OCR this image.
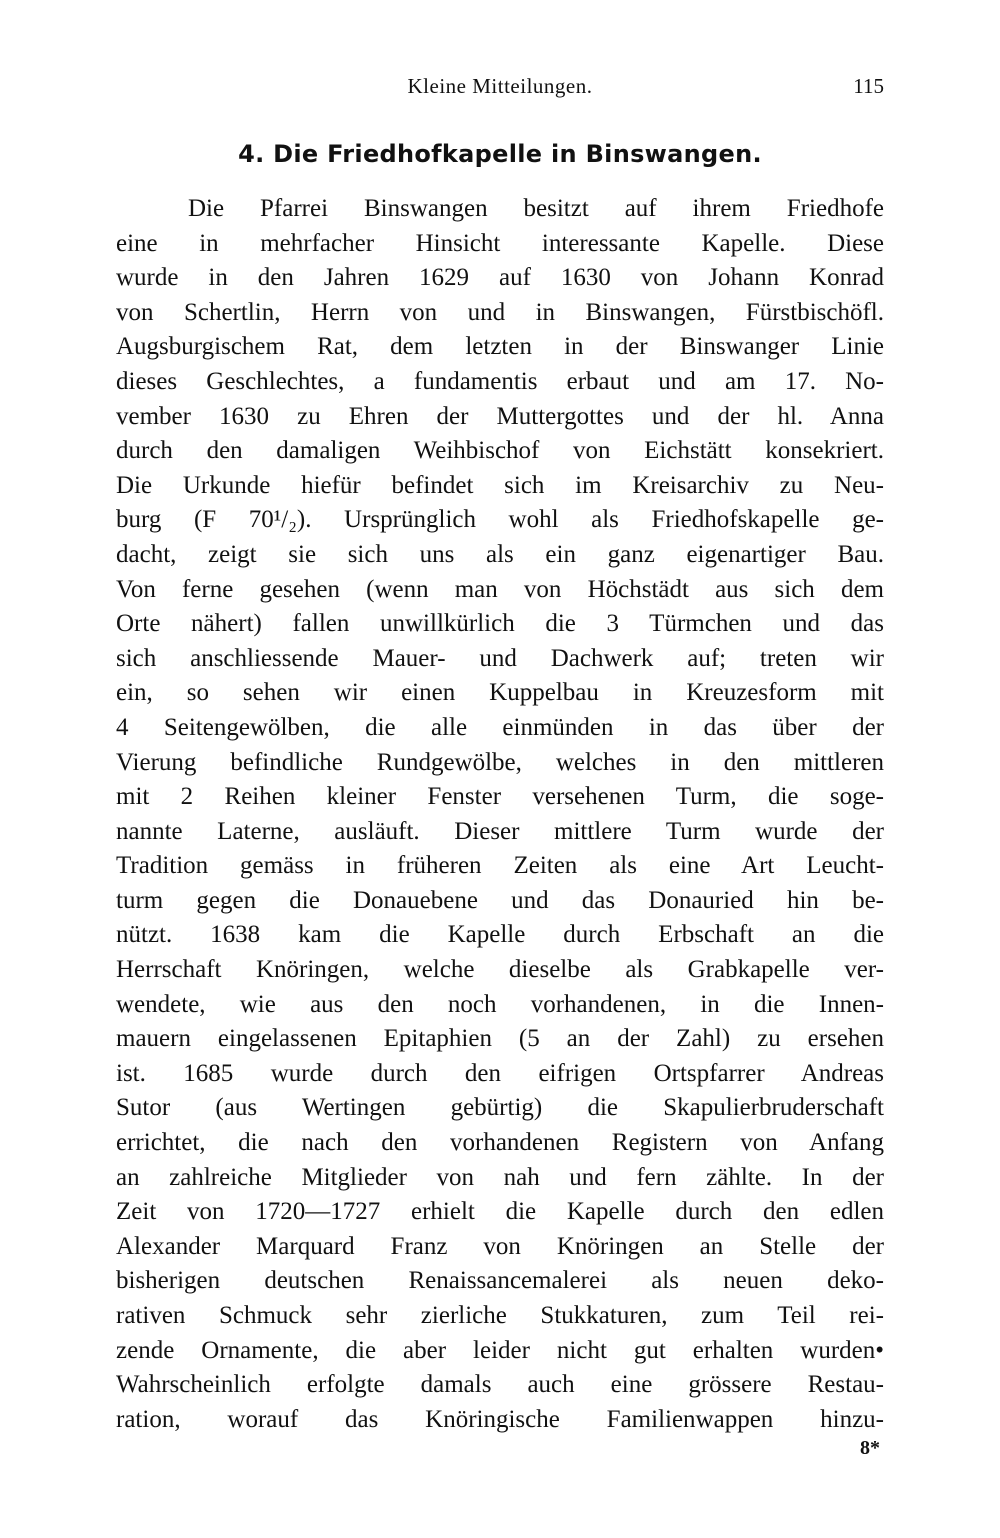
Kleine Mitteilungen.	115
4. Die Friedhofkapelle in Binswangen.
Die Pfarrei Binswangen besitzt auf ihrem Friedhofe
eine in mehrfacher Hinsicht interessante Kapelle. Diese
wurde in den Jahren 1629 auf 1630 von Johann Konrad
von Schertlin, Herrn von und in Binswangen, Fürstbischöfl.
Augsburgischem Rat, dem letzten in der Binswanger Linie
dieses Geschlechtes, a fundamentis erbaut und am 17. No-
vember 1630 zu Ehren der Muttergottes und der hl. Anna
durch den damaligen Weihbischof von Eichstätt konsekriert.
Die Urkunde hiefür befindet sich im Kreisarchiv zu Neu-
burg (F 70¹/₂). Ursprünglich wohl als Friedhofskapelle ge-
dacht, zeigt sie sich uns als ein ganz eigenartiger Bau.
Von ferne gesehen (wenn man von Höchstädt aus sich dem
Orte nähert) fallen unwillkürlich die 3 Türmchen und das
sich anschliessende Mauer- und Dachwerk auf; treten wir
ein, so sehen wir einen Kuppelbau in Kreuzesform mit
4 Seitengewölben, die alle einmünden in das über der
Vierung befindliche Rundgewölbe, welches in den mittleren
mit 2 Reihen kleiner Fenster versehenen Turm, die soge-
nannte Laterne, ausläuft. Dieser mittlere Turm wurde der
Tradition gemäss in früheren Zeiten als eine Art Leucht-
turm gegen die Donauebene und das Donauried hin be-
nützt. 1638 kam die Kapelle durch Erbschaft an die
Herrschaft Knöringen, welche dieselbe als Grabkapelle ver-
wendete, wie aus den noch vorhandenen, in die Innen-
mauern eingelassenen Epitaphien (5 an der Zahl) zu ersehen
ist. 1685 wurde durch den eifrigen Ortspfarrer Andreas
Sutor (aus Wertingen gebürtig) die Skapulierbruderschaft
errichtet, die nach den vorhandenen Registern von Anfang
an zahlreiche Mitglieder von nah und fern zählte. In der
Zeit von 1720—1727 erhielt die Kapelle durch den edlen
Alexander Marquard Franz von Knöringen an Stelle der
bisherigen deutschen Renaissancemalerei als neuen deko-
rativen Schmuck sehr zierliche Stukkaturen, zum Teil rei-
zende Ornamente, die aber leider nicht gut erhalten wurden•
Wahrscheinlich erfolgte damals auch eine grössere Restau-
ration, worauf das Knöringische Familienwappen hinzu-
8*
